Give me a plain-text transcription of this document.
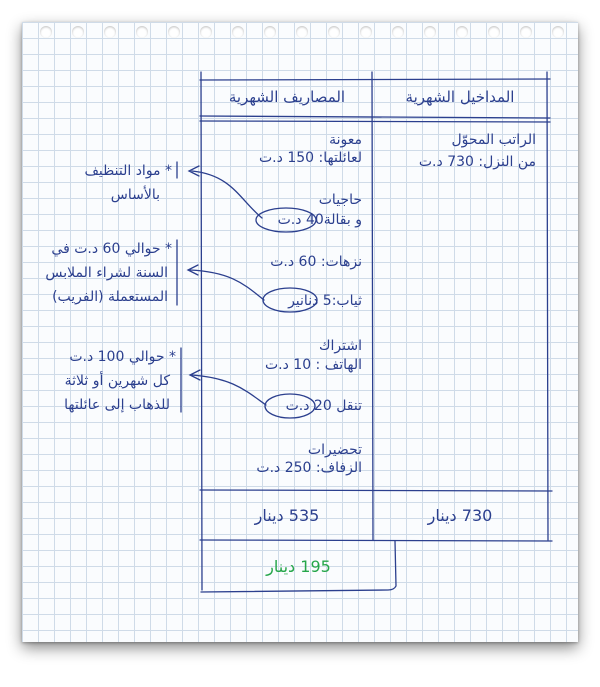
المصاريف الشهرية	المداخيل الشهرية
الراتب المحوّل
من النزل: 730 د.ت
معونة
لعائلتها: 150 د.ت
حاجيات
و بقالة40 د.ت
نزهات: 60 د.ت
ثياب:5 دنانير
اشتراك
الهاتف : 10 د.ت
تنقل 20 د.ت
تحضيرات
الزفاف: 250 د.ت
535 دينار	730 دينار
195 دينار
* مواد التنظيف
بالأساس
* حوالي 60 د.ت في
السنة لشراء الملابس
المستعملة (الفريب)
* حوالي 100 د.ت
كل شهرين أو ثلاثة
للذهاب إلى عائلتها
